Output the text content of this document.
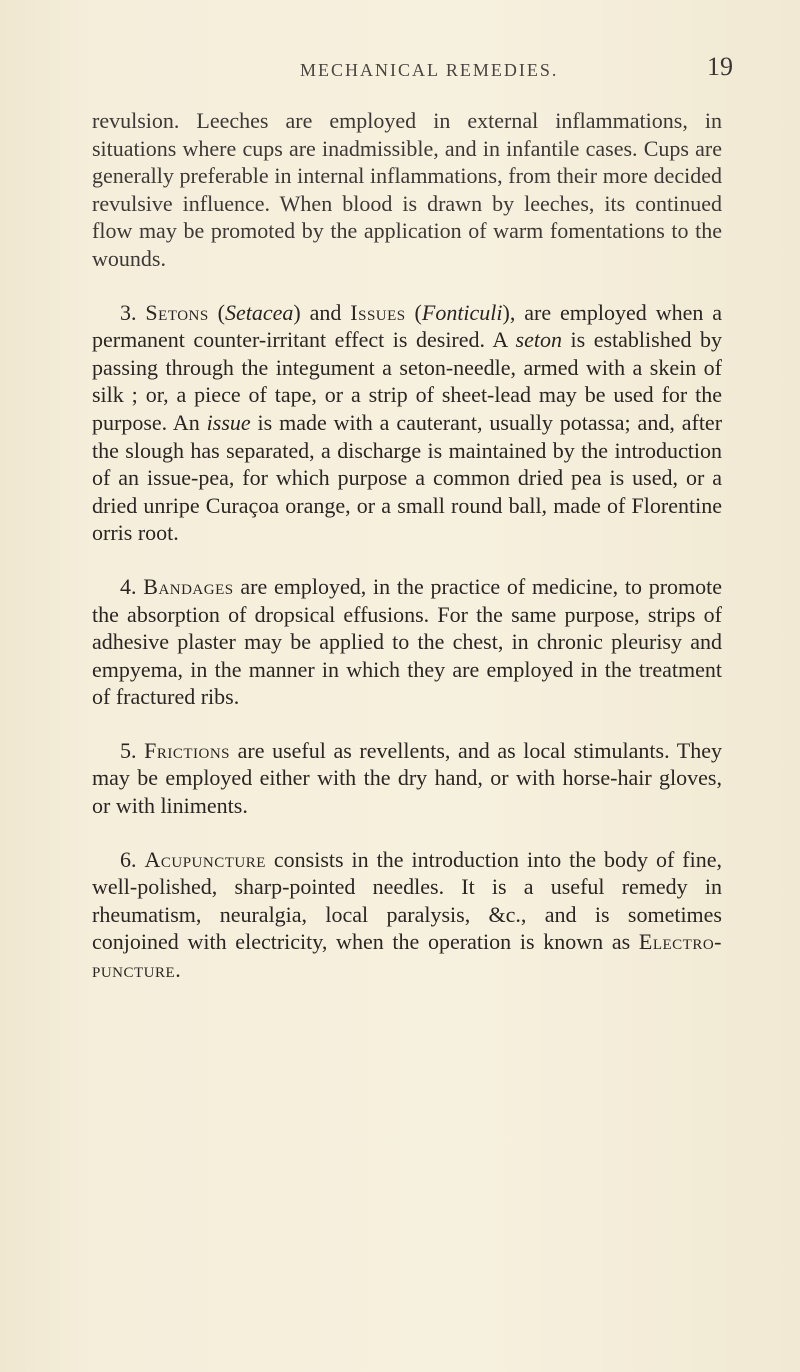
MECHANICAL REMEDIES.	19

revulsion. Leeches are employed in external inflammations, in situations where cups are inadmissible, and in infantile cases. Cups are generally preferable in internal inflammations, from their more decided revulsive influence. When blood is drawn by leeches, its continued flow may be promoted by the application of warm fomentations to the wounds.

3. Setons (Setacea) and Issues (Fonticuli), are employed when a permanent counter-irritant effect is desired. A seton is established by passing through the integument a seton-needle, armed with a skein of silk ; or, a piece of tape, or a strip of sheet-lead may be used for the purpose. An issue is made with a cauterant, usually potassa; and, after the slough has separated, a discharge is maintained by the introduction of an issue-pea, for which purpose a common dried pea is used, or a dried unripe Curaçoa orange, or a small round ball, made of Florentine orris root.

4. Bandages are employed, in the practice of medicine, to promote the absorption of dropsical effusions. For the same purpose, strips of adhesive plaster may be applied to the chest, in chronic pleurisy and empyema, in the manner in which they are employed in the treatment of fractured ribs.

5. Frictions are useful as revellents, and as local stimulants. They may be employed either with the dry hand, or with horse-hair gloves, or with liniments.

6. Acupuncture consists in the introduction into the body of fine, well-polished, sharp-pointed needles. It is a useful remedy in rheumatism, neuralgia, local paralysis, &c., and is sometimes conjoined with electricity, when the operation is known as Electro-puncture.
